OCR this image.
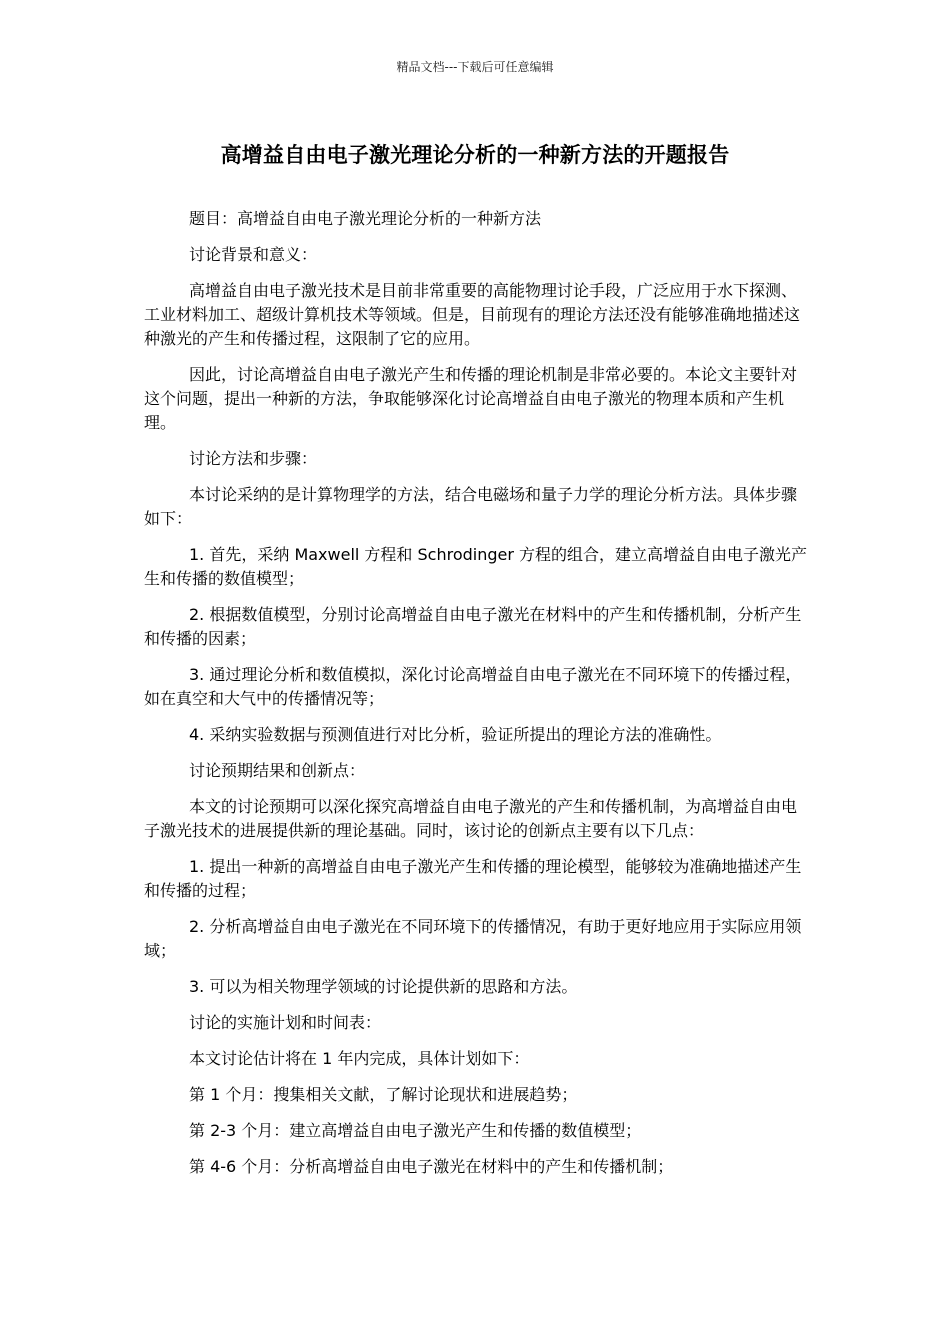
精品文档---下载后可任意编辑
高增益自由电子激光理论分析的一种新方法的开题报告

题目：高增益自由电子激光理论分析的一种新方法

讨论背景和意义：

高增益自由电子激光技术是目前非常重要的高能物理讨论手段，广泛应用于水下探测、工业材料加工、超级计算机技术等领域。但是，目前现有的理论方法还没有能够准确地描述这种激光的产生和传播过程，这限制了它的应用。

因此，讨论高增益自由电子激光产生和传播的理论机制是非常必要的。本论文主要针对这个问题，提出一种新的方法，争取能够深化讨论高增益自由电子激光的物理本质和产生机理。

讨论方法和步骤：

本讨论采纳的是计算物理学的方法，结合电磁场和量子力学的理论分析方法。具体步骤如下：

1. 首先，采纳 Maxwell 方程和 Schrodinger 方程的组合，建立高增益自由电子激光产生和传播的数值模型；

2. 根据数值模型，分别讨论高增益自由电子激光在材料中的产生和传播机制，分析产生和传播的因素；

3. 通过理论分析和数值模拟，深化讨论高增益自由电子激光在不同环境下的传播过程，如在真空和大气中的传播情况等；

4. 采纳实验数据与预测值进行对比分析，验证所提出的理论方法的准确性。

讨论预期结果和创新点：

本文的讨论预期可以深化探究高增益自由电子激光的产生和传播机制，为高增益自由电子激光技术的进展提供新的理论基础。同时，该讨论的创新点主要有以下几点：

1. 提出一种新的高增益自由电子激光产生和传播的理论模型，能够较为准确地描述产生和传播的过程；

2. 分析高增益自由电子激光在不同环境下的传播情况，有助于更好地应用于实际应用领域；

3. 可以为相关物理学领域的讨论提供新的思路和方法。

讨论的实施计划和时间表：

本文讨论估计将在 1 年内完成，具体计划如下：

第 1 个月：搜集相关文献，了解讨论现状和进展趋势；

第 2-3 个月：建立高增益自由电子激光产生和传播的数值模型；

第 4-6 个月：分析高增益自由电子激光在材料中的产生和传播机制；
